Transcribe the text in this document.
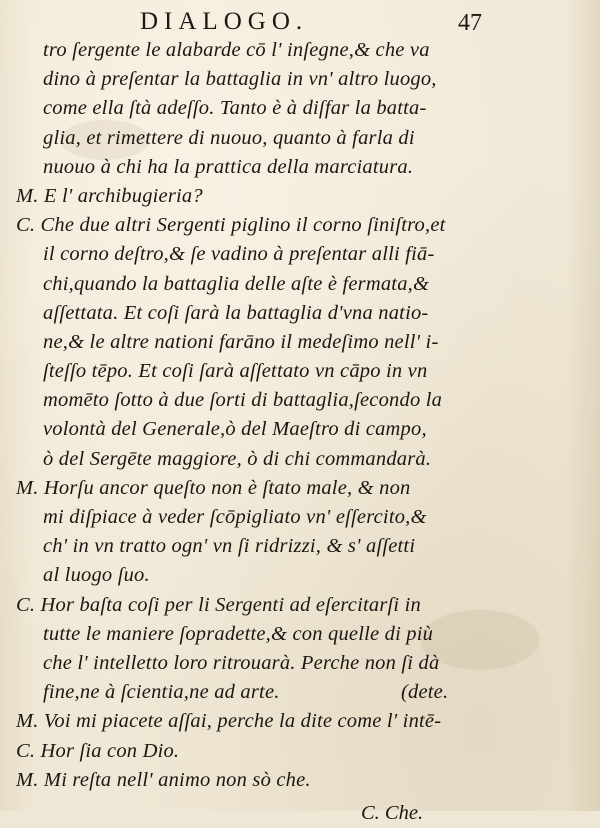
DIALOGO.	47
tro ſergente le alabarde cō l' inſegne,& che va
dino à preſentar la battaglia in vn' altro luogo,
come ella ſtà adeſſo. Tanto è à diſfar la batta-
glia, et rimettere di nuouo, quanto à farla di
nuouo à chi ha la prattica della marciatura.
M. E l' archibugieria?
C. Che due altri Sergenti piglino il corno ſiniſtro,et
il corno deſtro,& ſe vadino à preſentar alli fiā-
chi,quando la battaglia delle aſte è fermata,&
aſſettata. Et coſi ſarà la battaglia d'vna natio-
ne,& le altre nationi farāno il medeſimo nell' i-
ſteſſo tēpo. Et coſi ſarà aſſettato vn cāpo in vn
momēto ſotto à due ſorti di battaglia,ſecondo la
volontà del Generale,ò del Maeſtro di campo,
ò del Sergēte maggiore, ò di chi commandarà.
M. Horſu ancor queſto non è ſtato male, & non
mi diſpiace à veder ſcōpigliato vn' eſſercito,&
ch' in vn tratto ogn' vn ſi ridrizzi, & s' aſſetti
al luogo ſuo.
C. Hor baſta coſi per li Sergenti ad eſercitarſi in
tutte le maniere ſopradette,& con quelle di più
che l' intelletto loro ritrouarà. Perche non ſi dà
fine,ne à ſcientia,ne ad arte.	(dete.
M. Voi mi piacete aſſai, perche la dite come l' intē-
C. Hor ſia con Dio.
M. Mi reſta nell' animo non sò che.
C. Che.
